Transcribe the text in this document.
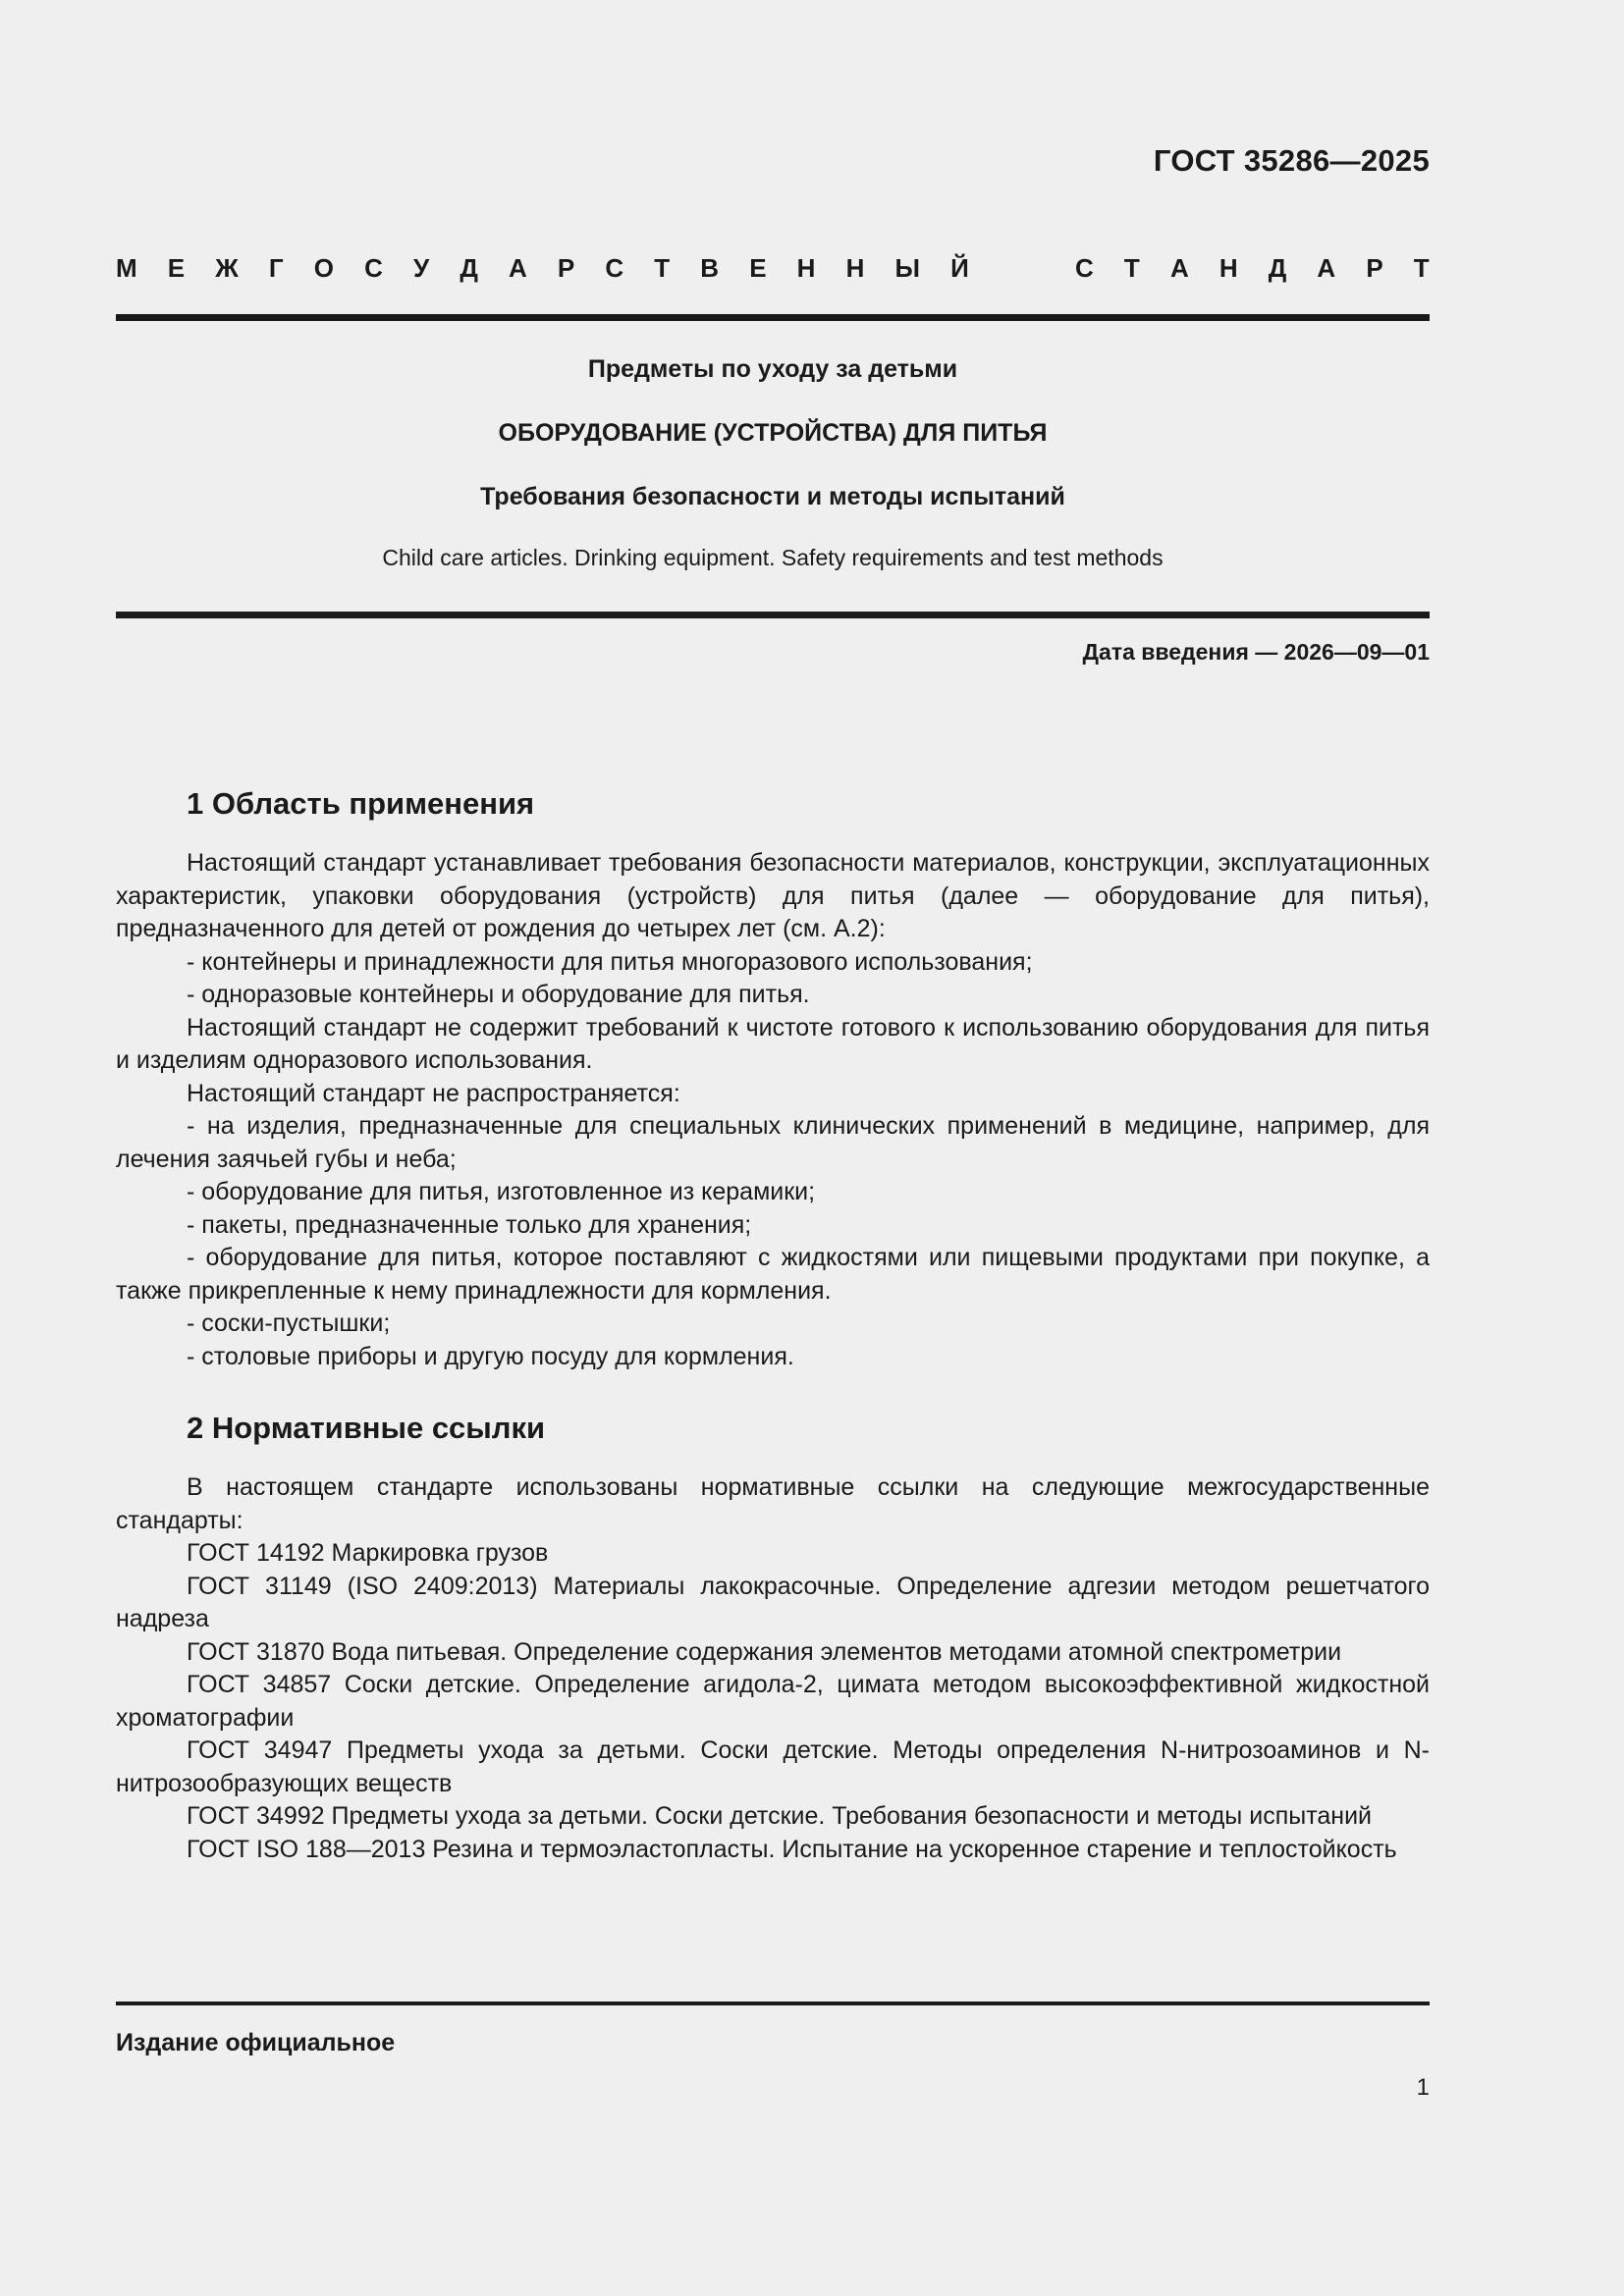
ГОСТ 35286—2025
М Е Ж Г О С У Д А Р С Т В Е Н Н Ы Й	С Т А Н Д А Р Т
Предметы по уходу за детьми
ОБОРУДОВАНИЕ (УСТРОЙСТВА) ДЛЯ ПИТЬЯ
Требования безопасности и методы испытаний
Child care articles. Drinking equipment. Safety requirements and test methods
Дата введения — 2026—09—01
1 Область применения

Настоящий стандарт устанавливает требования безопасности материалов, конструкции, эксплуатационных характеристик, упаковки оборудования (устройств) для питья (далее — оборудование для питья), предназначенного для детей от рождения до четырех лет (см. А.2):

- контейнеры и принадлежности для питья многоразового использования;

- одноразовые контейнеры и оборудование для питья.

Настоящий стандарт не содержит требований к чистоте готового к использованию оборудования для питья и изделиям одноразового использования.

Настоящий стандарт не распространяется:

- на изделия, предназначенные для специальных клинических применений в медицине, например, для лечения заячьей губы и неба;

- оборудование для питья, изготовленное из керамики;

- пакеты, предназначенные только для хранения;

- оборудование для питья, которое поставляют с жидкостями или пищевыми продуктами при покупке, а также прикрепленные к нему принадлежности для кормления.

- соски-пустышки;

- столовые приборы и другую посуду для кормления.

2 Нормативные ссылки

В настоящем стандарте использованы нормативные ссылки на следующие межгосударственные стандарты:

ГОСТ 14192 Маркировка грузов

ГОСТ 31149 (ISO 2409:2013) Материалы лакокрасочные. Определение адгезии методом решетчатого надреза

ГОСТ 31870 Вода питьевая. Определение содержания элементов методами атомной спектрометрии

ГОСТ 34857 Соски детские. Определение агидола-2, цимата методом высокоэффективной жидкостной хроматографии

ГОСТ 34947 Предметы ухода за детьми. Соски детские. Методы определения N-нитрозоаминов и N-нитрозообразующих веществ

ГОСТ 34992 Предметы ухода за детьми. Соски детские. Требования безопасности и методы испытаний

ГОСТ ISO 188—2013 Резина и термоэластопласты. Испытание на ускоренное старение и теплостойкость

Издание официальное
1
